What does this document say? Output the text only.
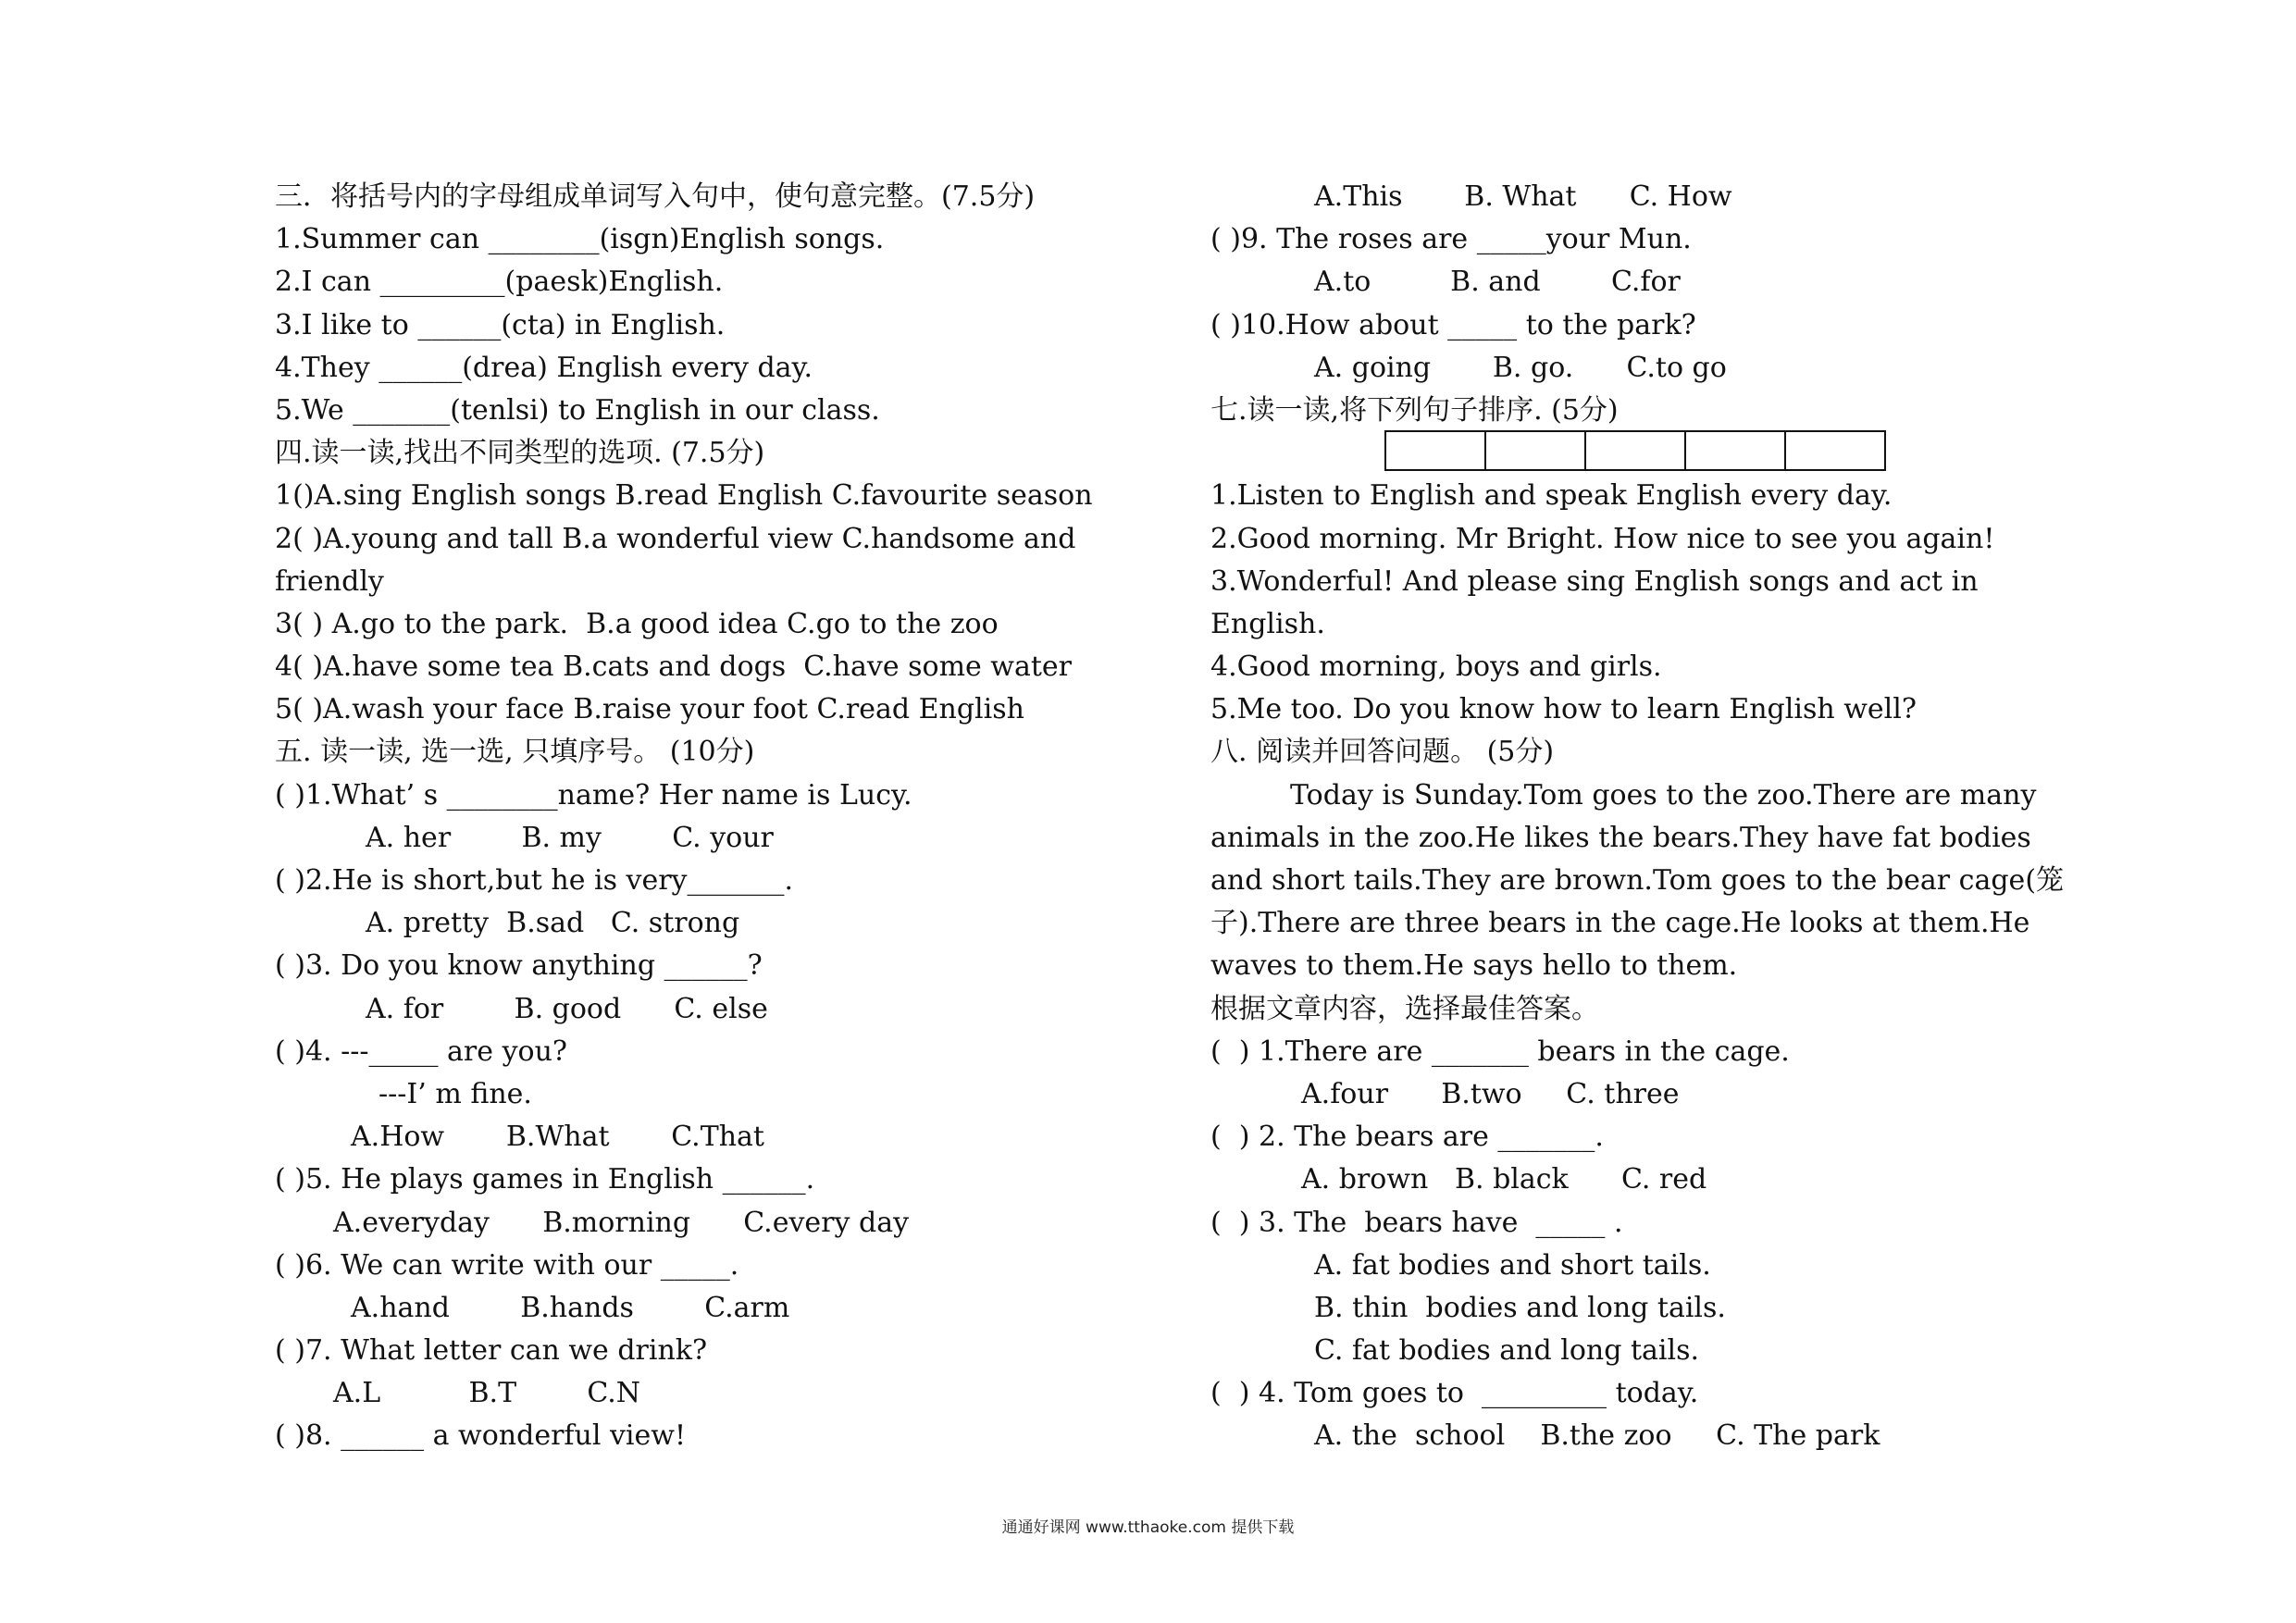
三．将括号内的字母组成单词写入句中，使句意完整。(7.5分)
1.Summer can ________(isgn)English songs.
2.I can _________(paesk)English.
3.I like to ______(cta) in English.
4.They ______(drea) English every day.
5.We _______(tenlsi) to English in our class.
四.读一读,找出不同类型的选项. (7.5分)
1()A.sing English songs B.read English C.favourite season
2( )A.young and tall B.a wonderful view C.handsome and
friendly
3( ) A.go to the park.  B.a good idea C.go to the zoo
4( )A.have some tea B.cats and dogs  C.have some water
5( )A.wash your face B.raise your foot C.read English
五. 读一读, 选一选, 只填序号。 (10分)
( )1.What’ s ________name? Her name is Lucy.
A. her        B. my        C. your
( )2.He is short,but he is very_______.
A. pretty  B.sad   C. strong
( )3. Do you know anything ______?
A. for        B. good      C. else
( )4. ---_____ are you?
---I’ m fine.
A.How       B.What       C.That
( )5. He plays games in English ______.
A.everyday      B.morning      C.every day
( )6. We can write with our _____.
A.hand        B.hands        C.arm
( )7. What letter can we drink?
A.L          B.T        C.N
( )8. ______ a wonderful view!
A.This       B. What      C. How
( )9. The roses are _____your Mun.
A.to         B. and        C.for
( )10.How about _____ to the park?
A. going       B. go.      C.to go
七.读一读,将下列句子排序. (5分)
1.Listen to English and speak English every day.
2.Good morning. Mr Bright. How nice to see you again!
3.Wonderful! And please sing English songs and act in
English.
4.Good morning, boys and girls.
5.Me too. Do you know how to learn English well?
八. 阅读并回答问题。 (5分)
Today is Sunday.Tom goes to the zoo.There are many
animals in the zoo.He likes the bears.They have fat bodies
and short tails.They are brown.Tom goes to the bear cage(笼
子).There are three bears in the cage.He looks at them.He
waves to them.He says hello to them.
根据文章内容，选择最佳答案。
(  ) 1.There are _______ bears in the cage.
A.four      B.two     C. three
(  ) 2. The bears are _______.
A. brown   B. black      C. red
(  ) 3. The  bears have  _____ .
A. fat bodies and short tails.
B. thin  bodies and long tails.
C. fat bodies and long tails.
(  ) 4. Tom goes to  _________ today.
A. the  school    B.the zoo     C. The park
通通好课网 www.tthaoke.com 提供下载
